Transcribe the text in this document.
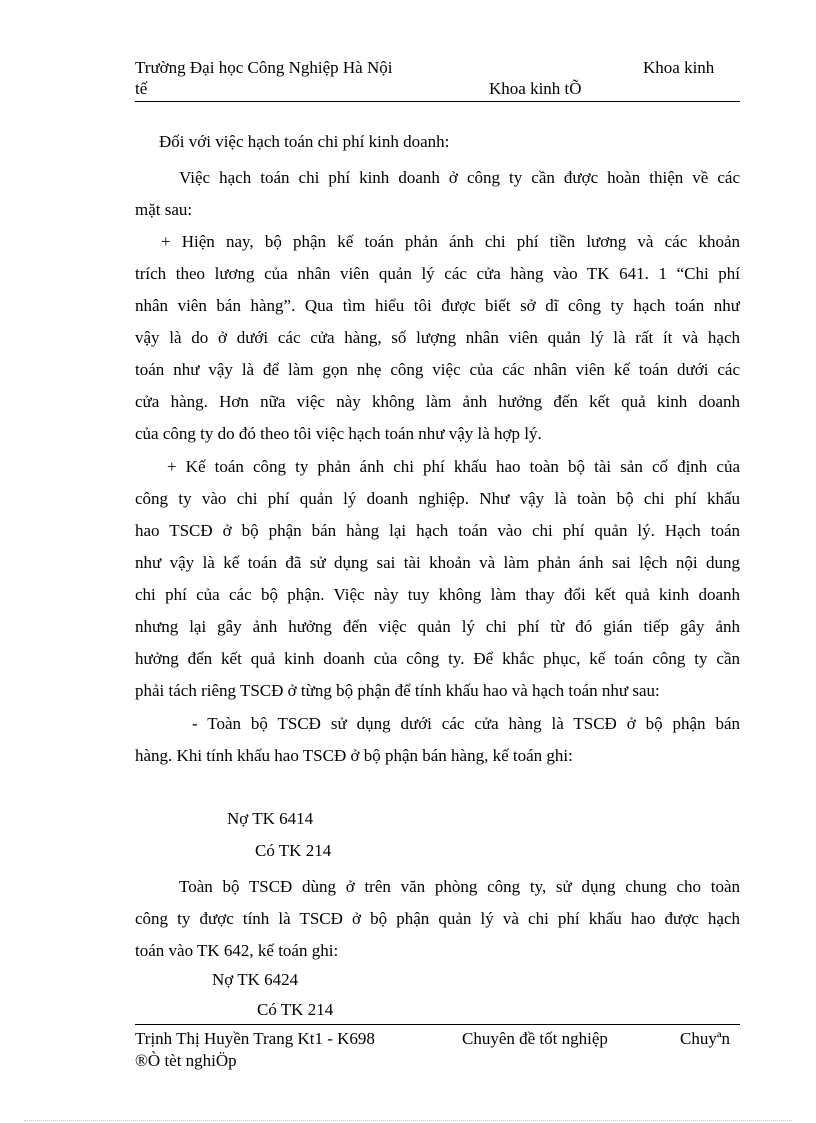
Trường Đại học Công Nghiệp Hà Nội	Khoa kinh
tế	Khoa kinh tÕ
Đối với việc hạch toán chi phí kinh doanh:
Việc hạch toán chi phí kinh doanh ở công ty cần được hoàn thiện về các
mặt sau:
+ Hiện nay, bộ phận kế toán phản ánh chi phí tiền lương và các khoản
trích theo lương của nhân viên quản lý các cửa hàng vào TK 641. 1 “Chi phí
nhân viên bán hàng”. Qua tìm hiểu tôi được biết sở dĩ công ty hạch toán như
vậy là do ở dưới các cửa hàng, số lượng nhân viên quản lý là rất ít và hạch
toán như vậy là để làm gọn nhẹ công việc của các nhân viên kế toán dưới các
cửa hàng. Hơn nữa việc này không làm ảnh hưởng đến kết quả kinh doanh
của công ty do đó theo tôi việc hạch toán như vậy là hợp lý.
+ Kế toán công ty phản ánh chi phí khấu hao toàn bộ tài sản cố định của
công ty vào chi phí quản lý doanh nghiệp. Như vậy là toàn bộ chi phí khấu
hao TSCĐ ở bộ phận bán hàng lại hạch toán vào chi phí quản lý. Hạch toán
như vậy là kế toán đã sử dụng sai tài khoản và làm phản ánh sai lệch nội dung
chi phí của các bộ phận. Việc này tuy không làm thay đổi kết quả kinh doanh
nhưng lại gây ảnh hưởng đến việc quản lý chi phí từ đó gián tiếp gây ảnh
hưởng đến kết quả kinh doanh của công ty. Để khắc phục, kế toán công ty cần
phải tách riêng TSCĐ ở từng bộ phận để tính khấu hao và hạch toán như sau:
- Toàn bộ TSCĐ sử dụng dưới các cửa hàng là TSCĐ ở bộ phận bán
hàng. Khi tính khấu hao TSCĐ ở bộ phận bán hàng, kế toán ghi:
Nợ TK 6414
Có TK 214
Toàn bộ TSCĐ dùng ở trên văn phòng công ty, sử dụng chung cho toàn
công ty được tính là TSCĐ ở bộ phận quản lý và chi phí khấu hao được hạch
toán vào TK 642, kế toán ghi:
Nợ TK 6424
Có TK 214
Trịnh Thị Huyền Trang Kt1 - K698	Chuyên đề tốt nghiệp	Chuyªn
®Ò tèt nghiÖp
